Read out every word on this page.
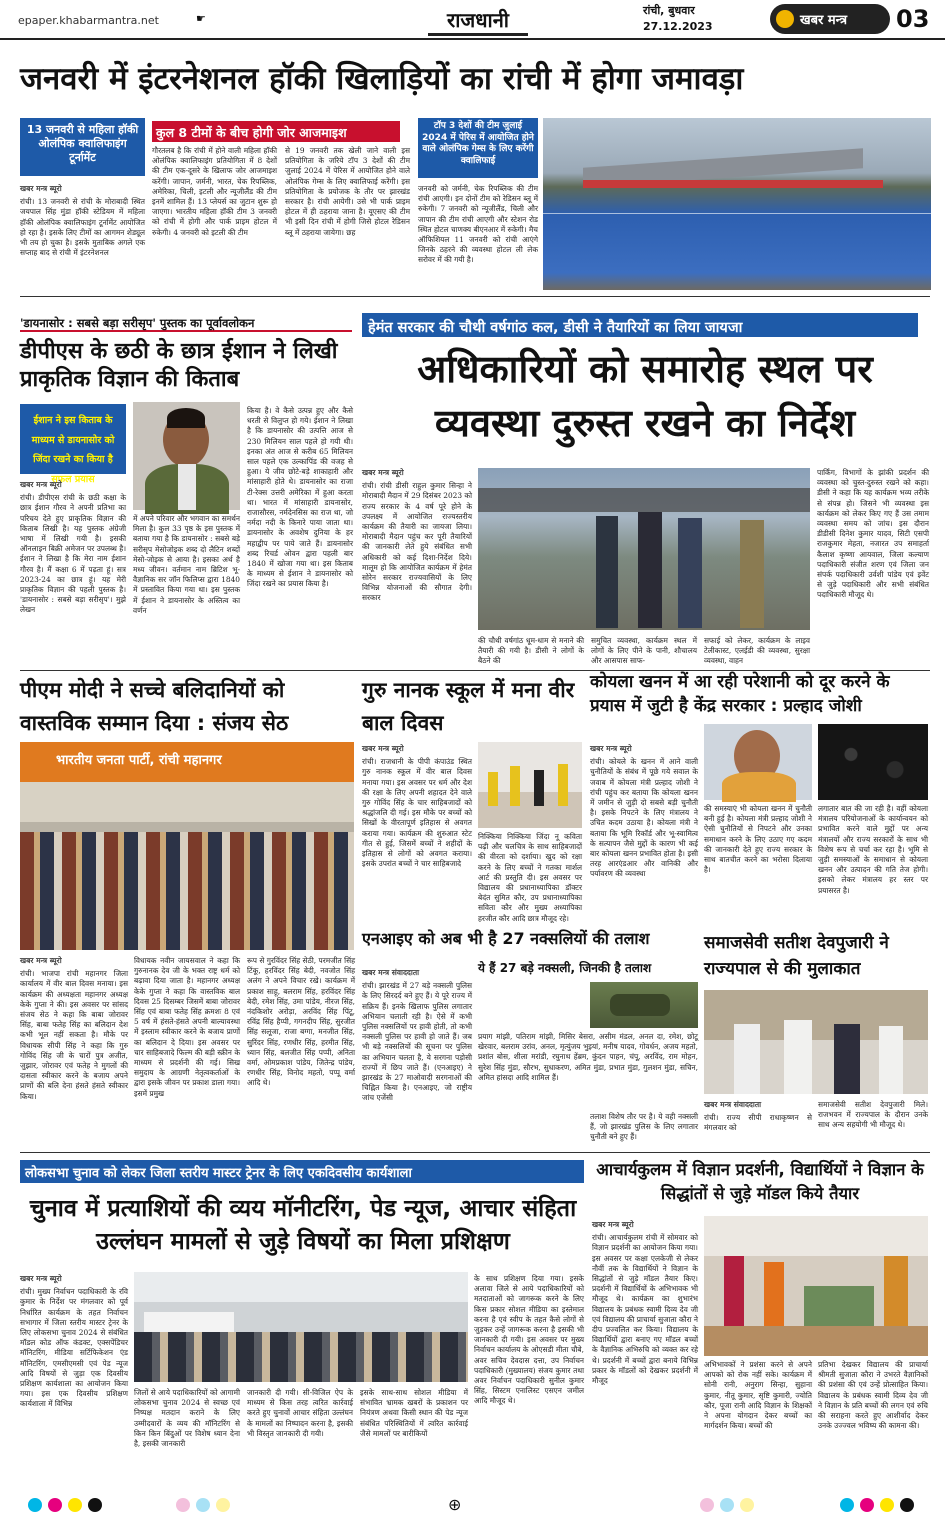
epaper.khabarmantra.net	☛	राजधानी	रांची, बुधवार
27.12.2023	खबर मन्त्र 03
जनवरी में इंटरनेशनल हॉकी खिलाड़ियों का रांची में होगा जमावड़ा
13 जनवरी से महिला हॉकी ओलंपिक क्वालिफाइंग टूर्नामेंट
कुल 8 टीमों के बीच होगी जोर आजमाइश	टॉप 3 देशों की टीम जुलाई 2024 में पेरिस में आयोजित होने वाले ओलंपिक गेम्स के लिए करेंगी क्वालिफाई
खबर मन्त्र ब्यूरो
रांची। 13 जनवरी से रांची के मोराबादी स्थित जयपाल सिंह मुंडा हॉकी स्टेडियम में महिला हॉकी ओलंपिक क्वालिफाइंग टूर्नामेंट आयोजित हो रहा है। इसके लिए टीमों का आगमन शेड्यूल भी तय हो चुका है। इसके मुताबिक अगले एक सप्ताह बाद से रांची में इंटरनेशनल
गौरतलब है कि रांची में होने वाली महिला हॉकी ओलंपिक क्वालिफाइंग प्रतियोगिता में 8 देशों की टीम एक-दूसरे के खिलाफ जोर आजमाइश करेंगी। जापान, जर्मनी, भारत, चेक रिपब्लिक, अमेरिका, चिली, इटली और न्यूजीलैंड की टीम इनमें शामिल हैं। 13 प्लेयर्स का जुटान शुरू हो जाएगा। भारतीय महिला हॉकी टीम 3 जनवरी को रांची में होगी और पार्क प्राइम होटल में रुकेगी। 4 जनवरी को इटली की टीम
से 19 जनवरी तक खेली जाने वाली इस प्रतियोगिता के जरिये टॉप 3 देशों की टीम जुलाई 2024 में पेरिस में आयोजित होने वाले ओलंपिक गेम्स के लिए क्वालिफाई करेंगी। इस प्रतियोगिता के प्रयोजक के तौर पर झारखंड सरकार है। रांची आयेगी। उसे भी पार्क प्राइम होटल में ही ठहराया जाना है। यूएसए की टीम भी इसी दिन रांची में होगी जिसे होटल रेडिसन ब्लू में ठहराया जायेगा। छह
जनवरी को जर्मनी, चेक रिपब्लिक की टीम रांची आएगी। इन दोनों टीम को रेडिसन ब्लू में रुकेगी। 7 जनवरी को न्यूजीलैंड, चिली और जापान की टीम रांची आएगी और स्टेशन रोड स्थित होटल चाणक्य बीएनआर में रुकेगी। मैच ऑफिशियल 11 जनवरी को रांची आएंगे जिनके ठहरने की व्यवस्था होटल ली लेक सरोवर में की गयी है।
'डायनासोर : सबसे बड़ा सरीसृप' पुस्तक का पूर्वावलोकन
डीपीएस के छठी के छात्र ईशान ने लिखी प्राकृतिक विज्ञान की किताब
ईशान ने इस किताब के माध्यम से डायनासोर को जिंदा रखने का किया है सफल प्रयास
खबर मन्त्र ब्यूरो
रांची। डीपीएस रांची के छठी कक्षा के छात्र ईशान गौरव ने अपनी प्रतिभा का परिचय देते हुए प्राकृतिक विज्ञान की किताब लिखी है। यह पुस्तक अंग्रेजी भाषा में लिखी गयी है। इसकी ऑनलाइन बिक्री अमेजन पर उपलब्ध है। ईशान ने लिखा है कि मेरा नाम ईशान गौरव है। मैं कक्षा 6 में पढ़ता हूं। सत्र 2023-24 का छात्र हूं। यह मेरी प्राकृतिक विज्ञान की पहली पुस्तक है। 'डायनासोर : सबसे बड़ा सरीसृप'। मुझे लेखन
में अपने परिवार और भगवान का समर्थन मिला है। कुल 33 पृष्ठ के इस पुस्तक में बताया गया है कि डायनासोर : सबसे बड़े सरीसृप मेसोजोइक शब्द दो लैटिन शब्दों मेसो-जोइक से आया है। इसका अर्थ है मध्य जीवन। वर्तमान नाम ब्रिटिश भू-वैज्ञानिक सर जॉन फिलिप्स द्वारा 1840 में प्रस्तावित किया गया था। इस पुस्तक में ईशान ने डायनासोर के अस्तित्व का वर्णन
किया है। वे कैसे उत्पन्न हुए और कैसे धरती से विलुप्त हो गये। ईशान ने लिखा है कि डायनासोर की उत्पत्ति आज से 230 मिलियन साल पहले हो गयी थी। इनका अंत आज से करीब 65 मिलियन साल पहले एक उल्कापिंड की वजह से हुआ। ये जीव छोटे-बड़े शाकाहारी और मांसाहारी होते थे। डायनासोर का राजा टी-रेक्स उत्तरी अमेरिका में हुआ करता था। भारत में मांसाहारी डायनासोर, राजासौरस, नर्मदेनसिस का राज था, जो नर्मदा नदी के किनारे पाया जाता था। डायनासोर के अवशेष दुनिया के हर महाद्वीप पर पाये जाते हैं। डायनासोर शब्द रिचर्ड ओवन द्वारा पहली बार 1840 में खोजा गया था। इस किताब के माध्यम से ईशान ने डायनासोर को जिंदा रखने का प्रयास किया है।
हेमंत सरकार की चौथी वर्षगांठ कल, डीसी ने तैयारियों का लिया जायजा
अधिकारियों को समारोह स्थल पर व्यवस्था दुरुस्त रखने का निर्देश
खबर मन्त्र ब्यूरो
रांची। रांची डीसी राहुल कुमार सिन्हा ने मोराबादी मैदान में 29 दिसंबर 2023 को राज्य सरकार के 4 वर्ष पूरे होने के उपलक्ष्य में आयोजित राज्यस्तरीय कार्यक्रम की तैयारी का जायजा लिया। मोराबादी मैदान पहुंच कर पूरी तैयारियों की जानकारी लेते हुये संबंधित सभी अधिकारी को कई दिशा-निर्देश दिये। मालूम हो कि आयोजित कार्यक्रम में हेमंत सोरेन सरकार राज्यवासियों के लिए विभिन्न योजनाओं की सौगात देगी। सरकार
की चौथी वर्षगांठ धूम-धाम से मनाने की तैयारी की गयी है। डीसी ने लोगों के बैठने की
समुचित व्यवस्था, कार्यक्रम स्थल में लोगों के लिए पीने के पानी, शौचालय और आसपास साफ-
सफाई को लेकर, कार्यक्रम के लाइव टेलीकास्ट, एलईडी की व्यवस्था, सुरक्षा व्यवस्था, वाहन
पार्किंग, विभागों के झांकी प्रदर्शन की व्यवस्था को चुस्त-दुरुस्त रखने को कहा। डीसी ने कहा कि यह कार्यक्रम भव्य तरीके से संपन्न हो। जिसने भी व्यवस्था इस कार्यक्रम को लेकर किए गए हैं उस तमाम व्यवस्था समय को जांच। इस दौरान डीडीसी दिनेश कुमार यादव, सिटी एसपी राजकुमार मेहता, नजारत उप समाहर्ता कैलाश कृष्णा आयवाल, जिला कल्याण पदाधिकारी संजीत शरण एवं जिला जन संपर्क पदाधिकारी उर्वशी पांडेय एवं इवेंट से जुड़े पदाधिकारी और सभी संबंधित पदाधिकारी मौजूद थे।
पीएम मोदी ने सच्चे बलिदानियों को वास्तविक सम्मान दिया : संजय सेठ
भारतीय जनता पार्टी, रांची महानगर
खबर मन्त्र ब्यूरो
रांची। भाजपा रांची महानगर जिला कार्यालय में वीर बाल दिवस मनाया। इस कार्यक्रम की अध्यक्षता महानगर अध्यक्ष केके गुप्ता ने की। इस अवसर पर सांसद संजय सेठ ने कहा कि बाबा जोरावर सिंह, बाबा फतेह सिंह का बलिदान देश कभी भूल नहीं सकता है। मौके पर विधायक सीपी सिंह ने कहा कि गुरु गोविंद सिंह जी के चारों पुत्र अजीत, जुझार, जोरावर एवं फतेह ने मुगलों की दासता स्वीकार करने के बजाय अपने प्राणों की बलि देना हंसते हंसते स्वीकार किया।
विधायक नवीन जायसवाल ने कहा कि गुरुनानक देव जी के भक्त राष्ट्र धर्म को बढ़ावा दिया जाता है। महानगर अध्यक्ष केके गुप्ता ने कहा कि वास्तविक बाल दिवस 25 दिसम्बर जिसमें बाबा जोरावर सिंह एवं बाबा फतेह सिंह क्रमशः 8 एवं 5 वर्ष में हंसते-हंसते अपनी बाल्यावस्था में इस्लाम स्वीकार करने के बजाय प्राणों का बलिदान दे दिया। इस अवसर पर चार साहिबजादे फिल्म की बड़ी स्क्रीन के माध्यम से प्रदर्शनी की गई। सिख समुदाय के आग्रणी नेतृत्वकर्ताओं के द्वारा इसके जीवन पर प्रकाश डाला गया। इसमें प्रमुख
रूप से गुरविंदर सिंह सेठी, परमजीत सिंह टिंकू, हरविंदर सिंह बेदी, नवजोत सिंह अलंग ने अपने विचार रखे। कार्यक्रम में प्रकाश साहू, बलराम सिंह, हरविंदर सिंह बेदी, रमेश सिंह, उमा पांडेय, नीरज सिंह, नंदकिशोर अरोड़ा, अरविंद सिंह पिंटू, रविंद्र सिंह हैप्पी, गगनदीप सिंह, सुरजीत सिंह सलूजा, राजा बग्गा, मनजीत सिंह, सुरिंदर सिंह, रणधीर सिंह, हरमीत सिंह, ध्यान सिंह, बलजीत सिंह पप्पी, अनिता वर्मा, ओमप्रकाश पांडेय, जितेन्द्र पांडेय, रणधीर सिंह, विनोद महतो, पप्पू वर्मा आदि थे।
गुरु नानक स्कूल में मना वीर बाल दिवस
खबर मन्त्र ब्यूरो
रांची। राजधानी के पीपी कंपाउंड स्थित गुरु नानक स्कूल में वीर बाल दिवस मनाया गया। इस अवसर पर धर्म और देश की रक्षा के लिए अपनी शहादत देने वाले गुरु गोविंद सिंह के चार साहिबजादों को श्रद्धांजलि दी गई। इस मौके पर बच्चों को सिखों के वीरतापूर्ण इतिहास से अवगत कराया गया। कार्यक्रम की शुरुआत स्टेट गीत से हुई, जिसमें बच्चों ने शहीदों के इतिहास से लोगों को अवगत कराया। इसके उपरांत बच्चों ने चार साहिबजादे
निक्किया निक्किया जिंदा नू कविता पढ़ी और चलचित्र के साथ साहिबजादों की वीरता को दर्शाया। खुद को रक्षा करने के लिए बच्चों ने गतका मार्शल आर्ट की प्रस्तुति दी। इस अवसर पर विद्यालय की प्रधानाध्यापिका डॉक्टर बेदंत सुमित कौर, उप प्रधानाध्यापिका सविता कौर और मुख्य अध्यापिका हरजीत कौर आदि छात्र मौजूद रहे।
कोयला खनन में आ रही परेशानी को दूर करने के प्रयास में जुटी है केंद्र सरकार : प्रल्हाद जोशी
खबर मन्त्र ब्यूरो
रांची। कोयले के खनन में आने वाली चुनौतियों के संबंध में पूछे गये सवाल के जवाब में कोयला मंत्री प्रल्हाद जोशी ने रांची पहुंच कर बताया कि कोयला खनन में जमीन से जुड़ी दो सबसे बड़ी चुनौती है। इसके निपटने के लिए मंत्रालय ने उचित कदम उठाया है। कोयला मंत्री ने बताया कि भूमि रिकॉर्ड और भू-स्वामित्व के सत्यापन जैसे मुद्दों के कारण भी कई बार कोयला खनन प्रभावित होता है। इसी तरह आरएंडआर और वानिकी और पर्यावरण की व्यवस्था
की समस्याएं भी कोयला खनन में चुनौती बनी हुई है। कोयला मंत्री प्रल्हाद जोशी ने ऐसी चुनौतियों से निपटने और उनका समाधान करने के लिए उठाए गए कदम की जानकारी देते हुए राज्य सरकार के साथ बातचीत करने का भरोसा दिलाया है।
लगातार बात की जा रही है। वहीं कोयला मंत्रालय परियोजनाओं के कार्यान्वयन को प्रभावित करने वाले मुद्दों पर अन्य मंत्रालयों और राज्य सरकारों के साथ भी विशेष रूप से चर्चा कर रहा है। भूमि से जुड़ी समस्याओं के समाधान से कोयला खनन और उत्पादन की गति तेज होगी। इसको लेकर मंत्रालय हर स्तर पर प्रयासरत है।
एनआइए को अब भी है 27 नक्सलियों की तलाश
ये हैं 27 बड़े नक्सली, जिनकी है तलाश
खबर मन्त्र संवाददाता
रांची। झारखंड में 27 बड़े नक्सली पुलिस के लिए सिरदर्द बने हुए हैं। ये पूरे राज्य में सक्रिय हैं। इनके खिलाफ पुलिस लगातार अभियान चलाती रही है। ऐसे में कभी पुलिस नक्सलियों पर हावी होती, तो कभी नक्सली पुलिस पर हावी हो जाते हैं। जब भी बड़े नक्सलियों की सूचना पर पुलिस का अभियान चलता है, ये सरगना पड़ोसी राज्यों में छिप जाते हैं। (एनआइए) ने झारखंड के 27 माओवादी सरगनाओं की चिह्नित किया है। एनआइए, जो राष्ट्रीय जांच एजेंसी
प्रयाग मांझी, पतिराम मांझी, मिसिर बेसरा, असीम मंडल, अनल दा, रमेश, छोटू खेरवार, बलराम उरांव, अनल, मृत्युंजय भुइयां, मनीष यादव, गोवर्धन, अजय महतो, प्रशांत बोस, शीला मरांडी, रघुनाथ हेंब्रम, कुंदन पाहन, चंपू, अरविंद, राम मोहन, सुरेश सिंह मुंडा, सौरभ, सुधाकरण, अमित मुंडा, प्रभात मुंडा, गुलशन मुंडा, सचिन, अमित हांसदा आदि शामिल हैं।
तलाश विशेष तौर पर है। ये वही नक्सली हैं, जो झारखंड पुलिस के लिए लगातार चुनौती बने हुए हैं।
समाजसेवी सतीश देवपुजारी ने राज्यपाल से की मुलाकात
खबर मन्त्र संवाददाता
रांची। राज्य सीपी राधाकृष्णन से मंगलवार को
समाजसेवी सतीश देवपुजारी मिले। राजभवन में राज्यपाल के दौरान उनके साथ अन्य सहयोगी भी मौजूद थे।
लोकसभा चुनाव को लेकर जिला स्तरीय मास्टर ट्रेनर के लिए एकदिवसीय कार्यशाला
चुनाव में प्रत्याशियों की व्यय मॉनीटरिंग, पेड न्यूज, आचार संहिता उल्लंघन मामलों से जुड़े विषयों का मिला प्रशिक्षण
खबर मन्त्र ब्यूरो
रांची। मुख्य निर्वाचन पदाधिकारी के रवि कुमार के निर्देश पर मंगलवार को पूर्व निर्धारित कार्यक्रम के तहत निर्वाचन सभागार में जिला स्तरीय मास्टर ट्रेनर के लिए लोकसभा चुनाव 2024 से संबंधित मॉडल कोड ऑफ कंडक्ट, एक्सपेंडिचर मॉनिटरिंग, मीडिया सर्टिफिकेशन एंड मॉनिटरिंग, एमसीएमसी एवं पेड न्यूज आदि विषयों से जुड़ा एक दिवसीय प्रशिक्षण कार्यशाला का आयोजन किया गया। इस एक दिवसीय प्रशिक्षण कार्यशाला में विभिन्न
जिलों से आये पदाधिकारियों को आगामी लोकसभा चुनाव 2024 से स्वच्छ एवं निष्पक्ष मतदान कराने के लिए उम्मीदवारों के व्यय की मॉनिटरिंग से किन किन बिंदुओं पर विशेष ध्यान देना है, इसकी जानकारी
जानकारी दी गयी। सी-विजिल ऐप के माध्यम से किस तरह त्वरित कार्रवाई करते हुए चुनावों आचार संहिता उल्लंघन के मामलों का निष्पादन करना है, इसकी भी विस्तृत जानकारी दी गयी।
इसके साथ-साथ सोशल मीडिया में संभावित भ्रामक खबरों के प्रकाशन पर नियंत्रण अथवा किसी स्थान की पेड न्यूज संबंधित परिस्थितियों में त्वरित कार्रवाई जैसे मामलों पर बारीकियों
के साथ प्रशिक्षण दिया गया। इसके अलावा जिले से आये पदाधिकारियों को मतदाताओं को जागरूक करने के लिए किस प्रकार सोशल मीडिया का इस्तेमाल करना है एवं स्वीप के तहत कैसे लोगों से जुड़कर उन्हें जागरूक करना है इसकी भी जानकारी दी गयी। इस अवसर पर मुख्य निर्वाचन कार्यालय के ओएसडी मीता चौबे, अवर सचिव देवदास दत्ता, उप निर्वाचन पदाधिकारी (मुख्यालय) संजय कुमार तथा अवर निर्वाचन पदाधिकारी सुनील कुमार सिंह, सिस्टम एनालिस्ट एसएन जमील आदि मौजूद थे।
आचार्यकुलम में विज्ञान प्रदर्शनी, विद्यार्थियों ने विज्ञान के सिद्धांतों से जुड़े मॉडल किये तैयार
खबर मन्त्र ब्यूरो
रांची। आचार्यकुलम रांची में सोमवार को विज्ञान प्रदर्शनी का आयोजन किया गया। इस अवसर पर कक्षा एलकेजी से लेकर नौवीं तक के विद्यार्थियों ने विज्ञान के सिद्धांतों से जुड़े मॉडल तैयार किए। प्रदर्शनी में विद्यार्थियों के अभिभावक भी मौजूद थे। कार्यक्रम का शुभारंभ विद्यालय के प्रबंधक स्वामी दिव्य देव जी एवं विद्यालय की प्राचार्या सुजाता कौरा ने दीप प्रज्वलित कर किया। विद्यालय के विद्यार्थियों द्वारा बनाए गए मॉडल बच्चों के वैज्ञानिक अभिरुचि को व्यक्त कर रहे थे। प्रदर्शनी में बच्चों द्वारा बनाये विभिन्न प्रकार के मॉडलों को देखकर प्रदर्शनी में मौजूद
अभिभावकों ने प्रशंसा करने से अपने आपको को रोक नहीं सके। कार्यक्रम में सोनी रानी, अनुराग सिन्हा, सुहाना कुमार, नीतू कुमार, सृष्टि कुमारी, ज्योति कौर, पूजा रानी आदि विज्ञान के शिक्षकों ने अपना योगदान देकर बच्चों का मार्गदर्शन किया। बच्चों की
प्रतिभा देखकर विद्यालय की प्राचार्या श्रीमती सुजाता कौरा ने उभरते वैज्ञानिकों की प्रशंसा की एवं उन्हें प्रोत्साहित किया। विद्यालय के प्रबंधक स्वामी दिव्य देव जी ने विज्ञान के प्रति बच्चों की लगन एवं रुचि की सराहना करते हुए आशीर्वाद देकर उनके उज्ज्वल भविष्य की कामना की।
⊕
